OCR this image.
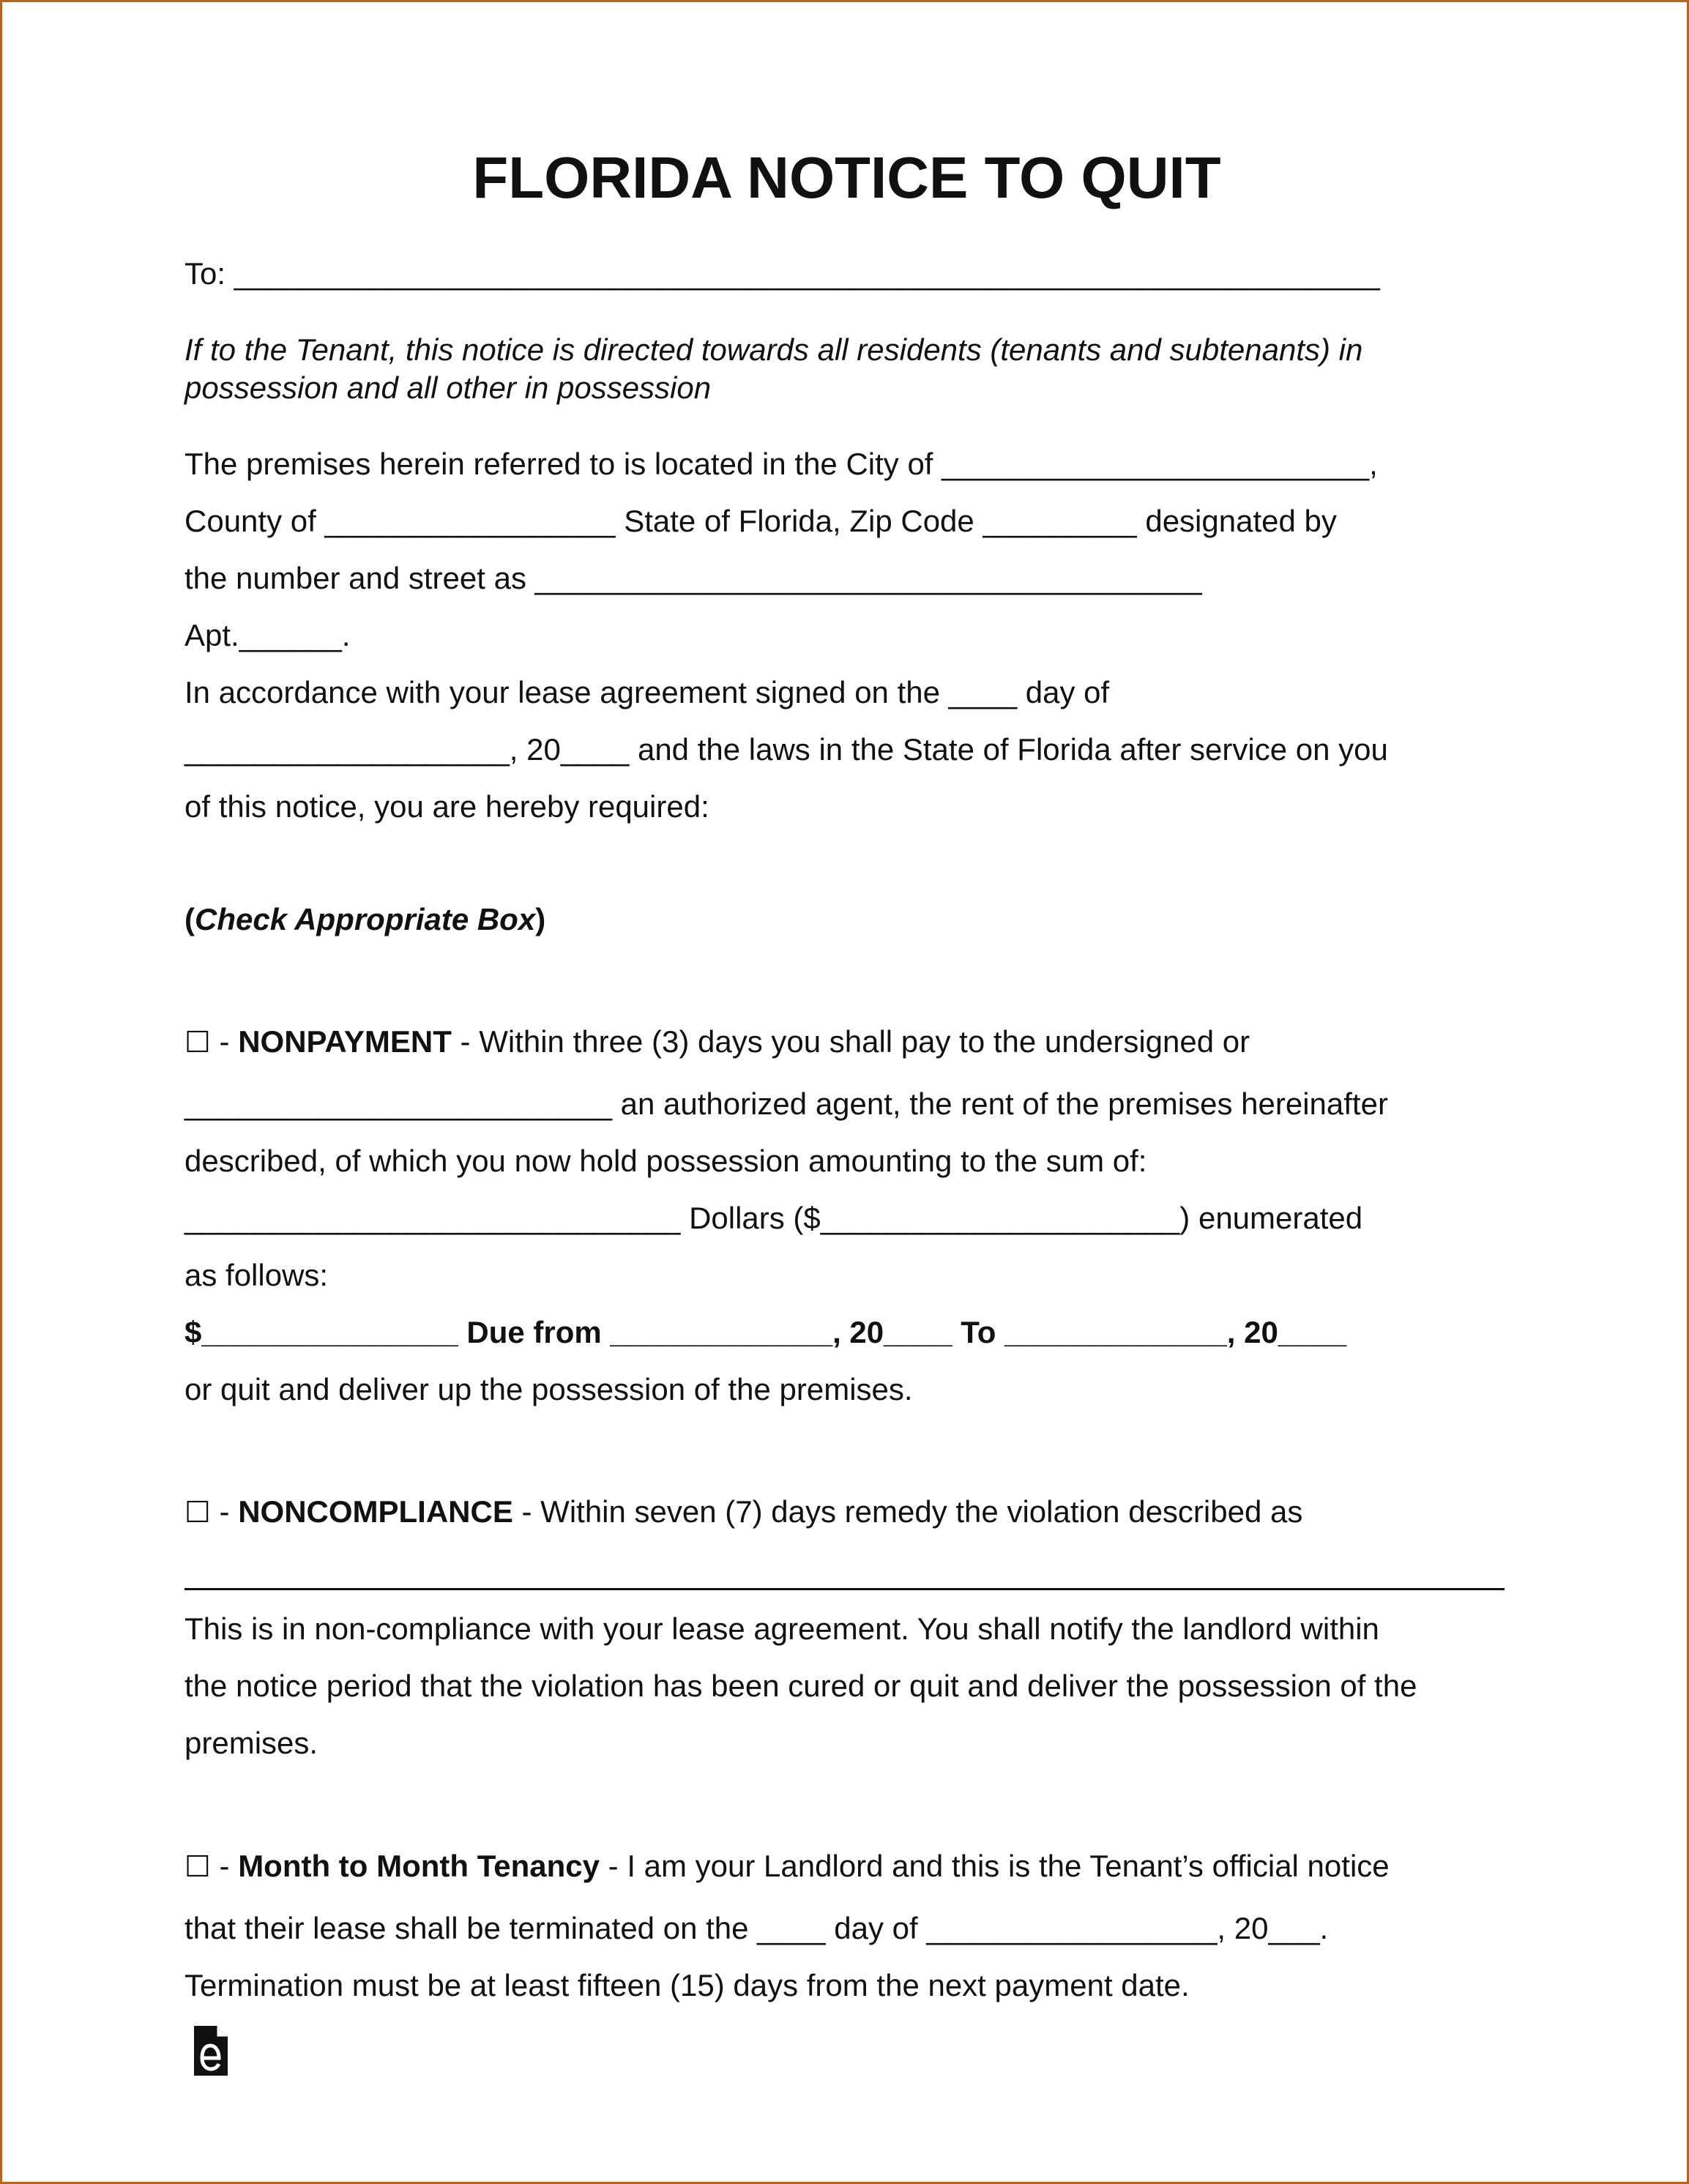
FLORIDA NOTICE TO QUIT
To: ___________________________________________________________________
If to the Tenant, this notice is directed towards all residents (tenants and subtenants) in
possession and all other in possession
The premises herein referred to is located in the City of _________________________,
County of _________________ State of Florida, Zip Code _________ designated by
the number and street as _______________________________________
Apt.______.
In accordance with your lease agreement signed on the ____ day of
___________________, 20____ and the laws in the State of Florida after service on you
of this notice, you are hereby required:
(Check Appropriate Box)
☐ - NONPAYMENT - Within three (3) days you shall pay to the undersigned or
_________________________ an authorized agent, the rent of the premises hereinafter
described, of which you now hold possession amounting to the sum of:
_____________________________ Dollars ($_____________________) enumerated
as follows:
$_______________ Due from _____________, 20____ To _____________, 20____
or quit and deliver up the possession of the premises.
☐ - NONCOMPLIANCE - Within seven (7) days remedy the violation described as
This is in non-compliance with your lease agreement. You shall notify the landlord within
the notice period that the violation has been cured or quit and deliver the possession of the
premises.
☐ - Month to Month Tenancy - I am your Landlord and this is the Tenant’s official notice
that their lease shall be terminated on the ____ day of _________________, 20___.
Termination must be at least fifteen (15) days from the next payment date.
